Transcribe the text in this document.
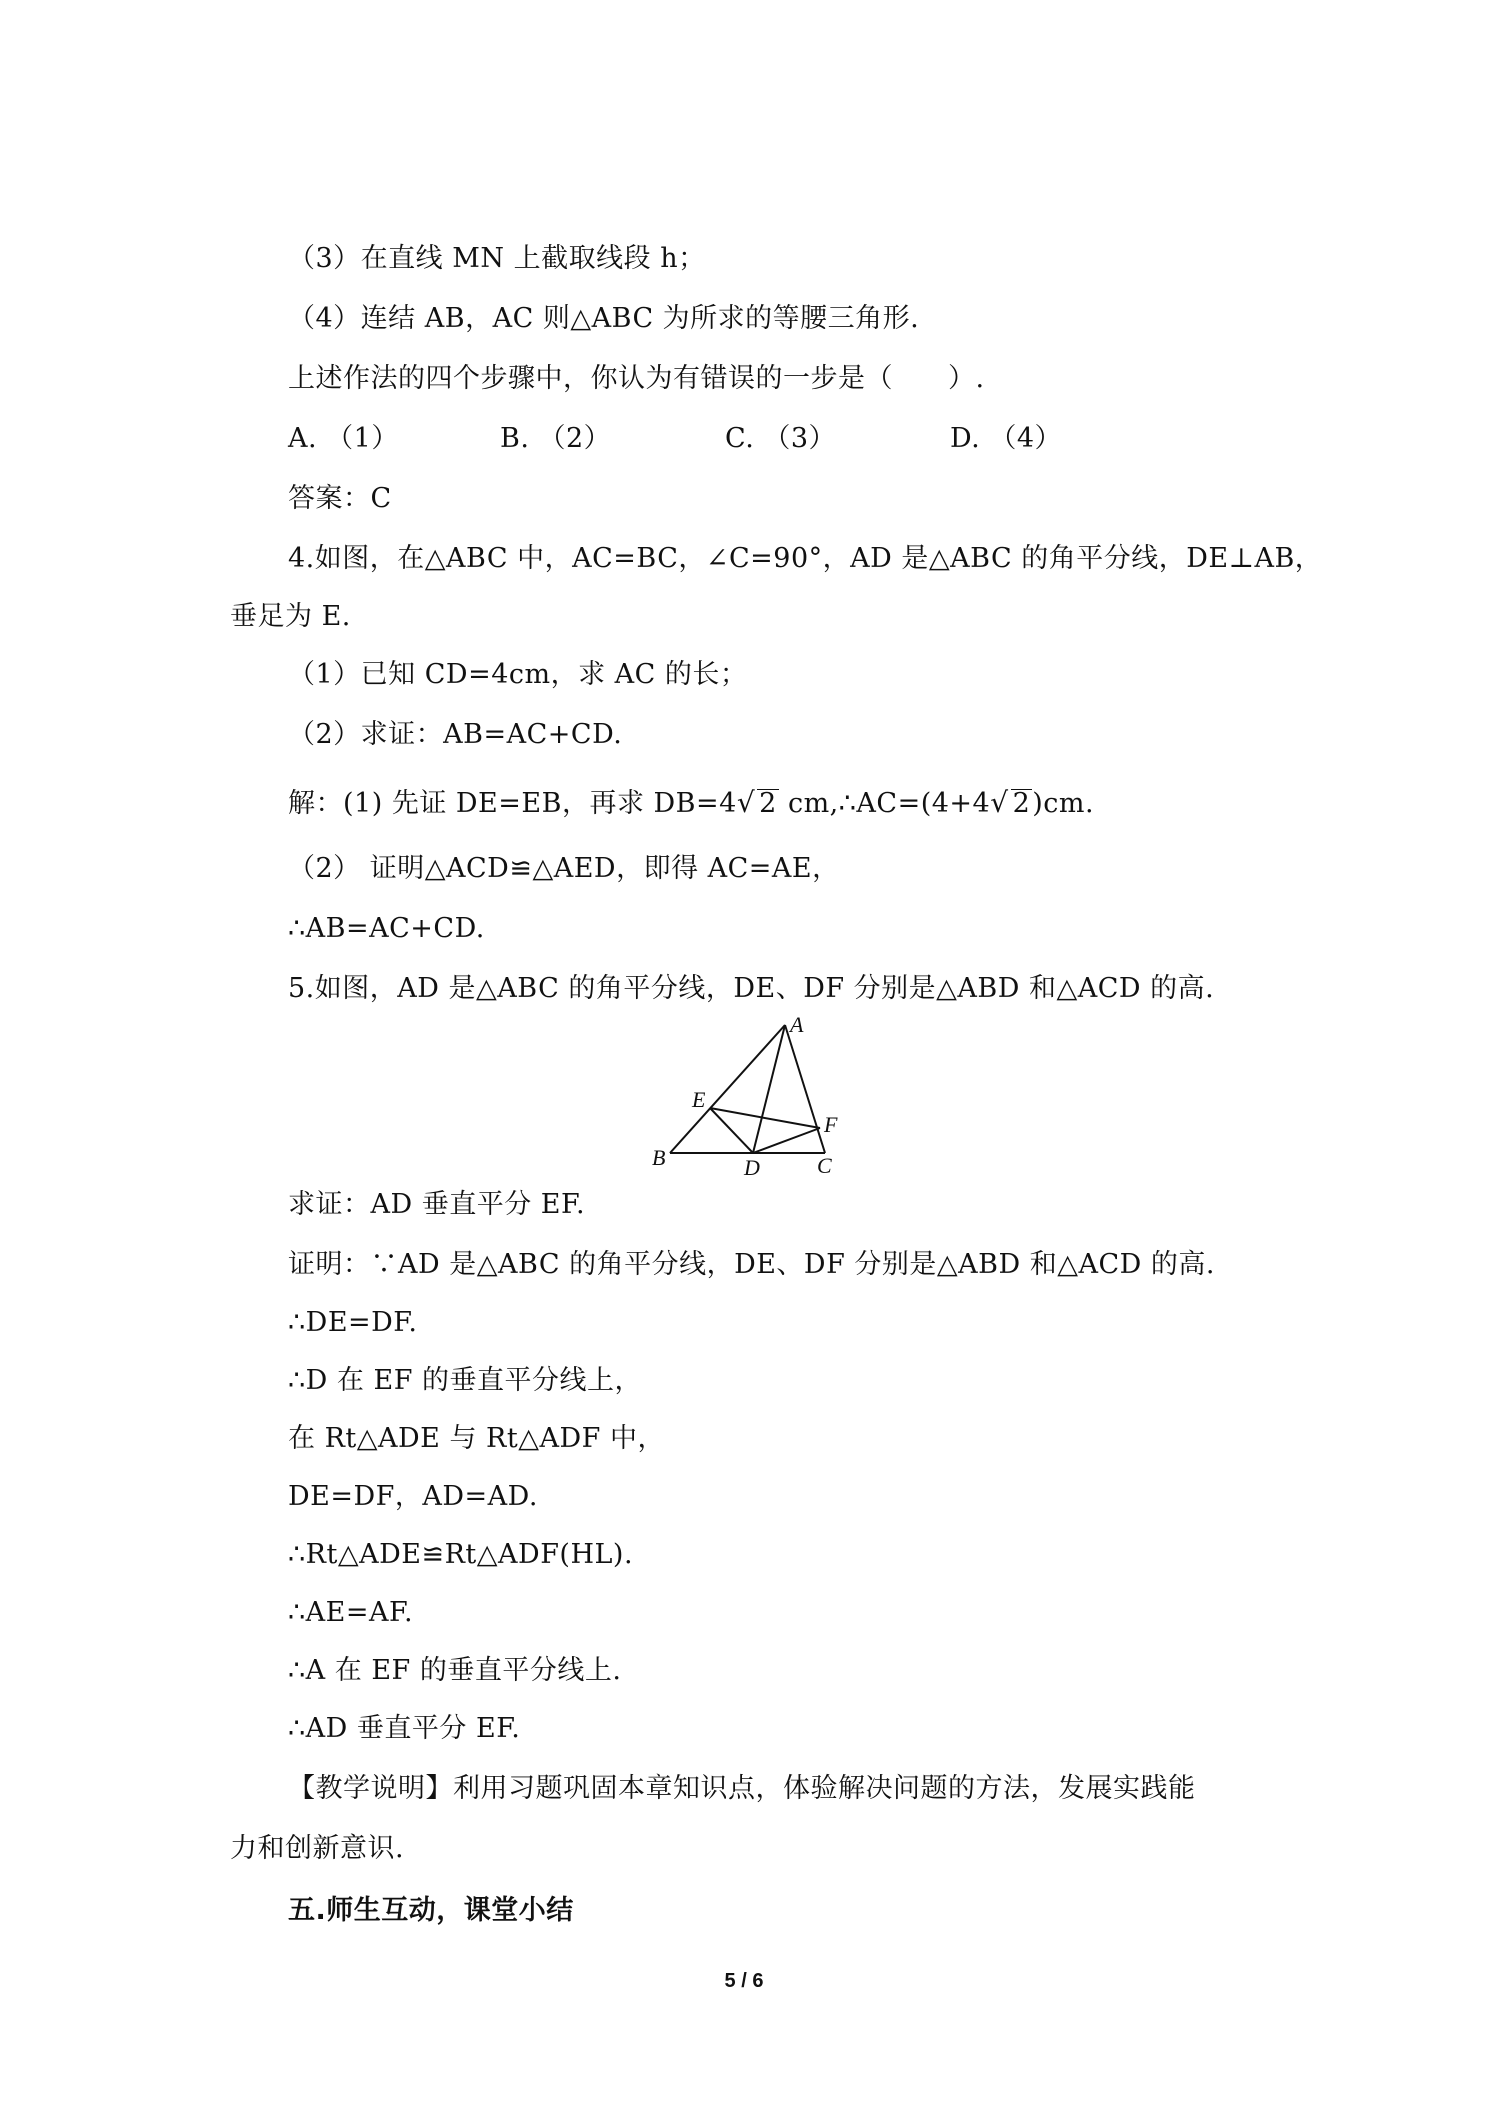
（3）在直线 MN 上截取线段 h；
（4）连结 AB，AC 则△ABC 为所求的等腰三角形.
上述作法的四个步骤中，你认为有错误的一步是（　　）.
A. （1）	B. （2）	C. （3）	D. （4）
答案：C
4.如图，在△ABC 中，AC=BC，∠C=90°，AD 是△ABC 的角平分线，DE⊥AB，
垂足为 E.
（1）已知 CD=4cm，求 AC 的长；
（2）求证：AB=AC+CD.
解：(1) 先证 DE=EB，再求 DB=4√ 2 cm,∴AC=(4+4√ 2)cm.
（2） 证明△ACD≌△AED，即得 AC=AE，
∴AB=AC+CD.
5.如图，AD 是△ABC 的角平分线，DE、DF 分别是△ABD 和△ACD 的高.
A
B	C
D
E
F
求证：AD 垂直平分 EF.
证明：∵AD 是△ABC 的角平分线，DE、DF 分别是△ABD 和△ACD 的高.
∴DE=DF.
∴D 在 EF 的垂直平分线上，
在 Rt△ADE 与 Rt△ADF 中，
DE=DF，AD=AD.
∴Rt△ADE≌Rt△ADF(HL).
∴AE=AF.
∴A 在 EF 的垂直平分线上.
∴AD 垂直平分 EF.
【教学说明】利用习题巩固本章知识点，体验解决问题的方法，发展实践能
力和创新意识.
五.师生互动，课堂小结
5 / 6
